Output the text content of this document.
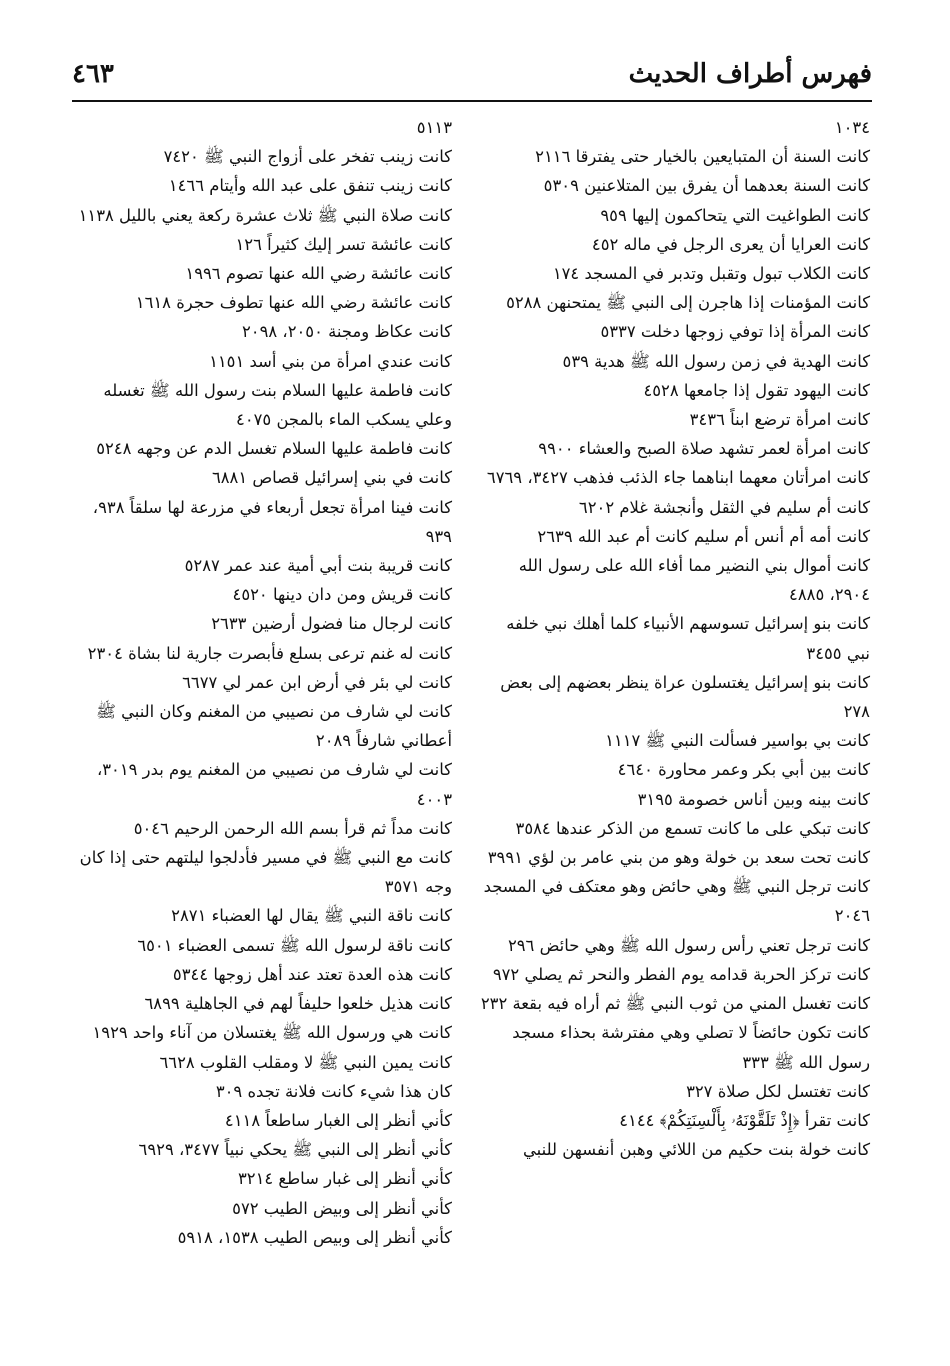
فهرس أطراف الحديث
٤٦٣

١٠٣٤

كانت السنة أن المتبايعين بالخيار حتى يفترقا ٢١١٦

كانت السنة بعدهما أن يفرق بين المتلاعنين ٥٣٠٩

كانت الطواغيت التي يتحاكمون إليها ٩٥٩

كانت العرايا أن يعرى الرجل في ماله ٤٥٢

كانت الكلاب تبول وتقبل وتدبر في المسجد ١٧٤

كانت المؤمنات إذا هاجرن إلى النبي ﷺ يمتحنهن ٥٢٨٨

كانت المرأة إذا توفي زوجها دخلت ٥٣٣٧

كانت الهدية في زمن رسول الله ﷺ هدية ٥٣٩

كانت اليهود تقول إذا جامعها ٤٥٢٨

كانت امرأة ترضع ابناً ٣٤٣٦

كانت امرأة لعمر تشهد صلاة الصبح والعشاء ٩٩٠٠

كانت امرأتان معهما ابناهما جاء الذئب فذهب ٣٤٢٧، ٦٧٦٩

كانت أم سليم في الثقل وأنجشة غلام ٦٢٠٢

كانت أمه أم أنس أم سليم كانت أم عبد الله ٢٦٣٩

كانت أموال بني النضير مما أفاء الله على رسول الله ٢٩٠٤، ٤٨٨٥

كانت بنو إسرائيل تسوسهم الأنبياء كلما أهلك نبي خلفه نبي ٣٤٥٥

كانت بنو إسرائيل يغتسلون عراة ينظر بعضهم إلى بعض ٢٧٨

كانت بي بواسير فسألت النبي ﷺ ١١١٧

كانت بين أبي بكر وعمر محاورة ٤٦٤٠

كانت بينه وبين أناس خصومة ٣١٩٥

كانت تبكي على ما كانت تسمع من الذكر عندها ٣٥٨٤

كانت تحت سعد بن خولة وهو من بني عامر بن لؤي ٣٩٩١

كانت ترجل النبي ﷺ وهي حائض وهو معتكف في المسجد ٢٠٤٦

كانت ترجل تعني رأس رسول الله ﷺ وهي حائض ٢٩٦

كانت تركز الحربة قدامه يوم الفطر والنحر ثم يصلي ٩٧٢

كانت تغسل المني من ثوب النبي ﷺ ثم أراه فيه بقعة ٢٣٢

كانت تكون حائضاً لا تصلي وهي مفترشة بحذاء مسجد رسول الله ﷺ ٣٣٣

كانت تغتسل لكل صلاة ٣٢٧

كانت تقرأ ﴿إِذْ تَلَقَّوْنَهُۥ بِأَلْسِنَتِكُمْ﴾ ٤١٤٤

كانت خولة بنت حكيم من اللائي وهبن أنفسهن للنبي

٥١١٣

كانت زينب تفخر على أزواج النبي ﷺ ٧٤٢٠

كانت زينب تنفق على عبد الله وأيتام ١٤٦٦

كانت صلاة النبي ﷺ ثلاث عشرة ركعة يعني بالليل ١١٣٨

كانت عائشة تسر إليك كثيراً ١٢٦

كانت عائشة رضي الله عنها تصوم ١٩٩٦

كانت عائشة رضي الله عنها تطوف حجرة ١٦١٨

كانت عكاظ ومجنة ٢٠٥٠، ٢٠٩٨

كانت عندي امرأة من بني أسد ١١٥١

كانت فاطمة عليها السلام بنت رسول الله ﷺ تغسله وعلي يسكب الماء بالمجن ٤٠٧٥

كانت فاطمة عليها السلام تغسل الدم عن وجهه ٥٢٤٨

كانت في بني إسرائيل قصاص ٦٨٨١

كانت فينا امرأة تجعل أربعاء في مزرعة لها سلقاً ٩٣٨، ٩٣٩

كانت قريبة بنت أبي أمية عند عمر ٥٢٨٧

كانت قريش ومن دان دينها ٤٥٢٠

كانت لرجال منا فضول أرضين ٢٦٣٣

كانت له غنم ترعى بسلع فأبصرت جارية لنا بشاة ٢٣٠٤

كانت لي بئر في أرض ابن عمر لي ٦٦٧٧

كانت لي شارف من نصيبي من المغنم وكان النبي ﷺ أعطاني شارفاً ٢٠٨٩

كانت لي شارف من نصيبي من المغنم يوم بدر ٣٠١٩، ٤٠٠٣

كانت مداً ثم قرأ بسم الله الرحمن الرحيم ٥٠٤٦

كانت مع النبي ﷺ في مسير فأدلجوا ليلتهم حتى إذا كان وجه ٣٥٧١

كانت ناقة النبي ﷺ يقال لها العضباء ٢٨٧١

كانت ناقة لرسول الله ﷺ تسمى العضباء ٦٥٠١

كانت هذه العدة تعتد عند أهل زوجها ٥٣٤٤

كانت هذيل خلعوا حليفاً لهم في الجاهلية ٦٨٩٩

كانت هي ورسول الله ﷺ يغتسلان من آناء واحد ١٩٢٩

كانت يمين النبي ﷺ لا ومقلب القلوب ٦٦٢٨

كان هذا شيء كانت فلانة تجده ٣٠٩

كأني أنظر إلى الغبار ساطعاً ٤١١٨

كأني أنظر إلى النبي ﷺ يحكي نبياً ٣٤٧٧، ٦٩٢٩

كأني أنظر إلى غبار ساطع ٣٢١٤

كأني أنظر إلى وبيض الطيب ٥٧٢

كأني أنظر إلى وبيص الطيب ١٥٣٨، ٥٩١٨
